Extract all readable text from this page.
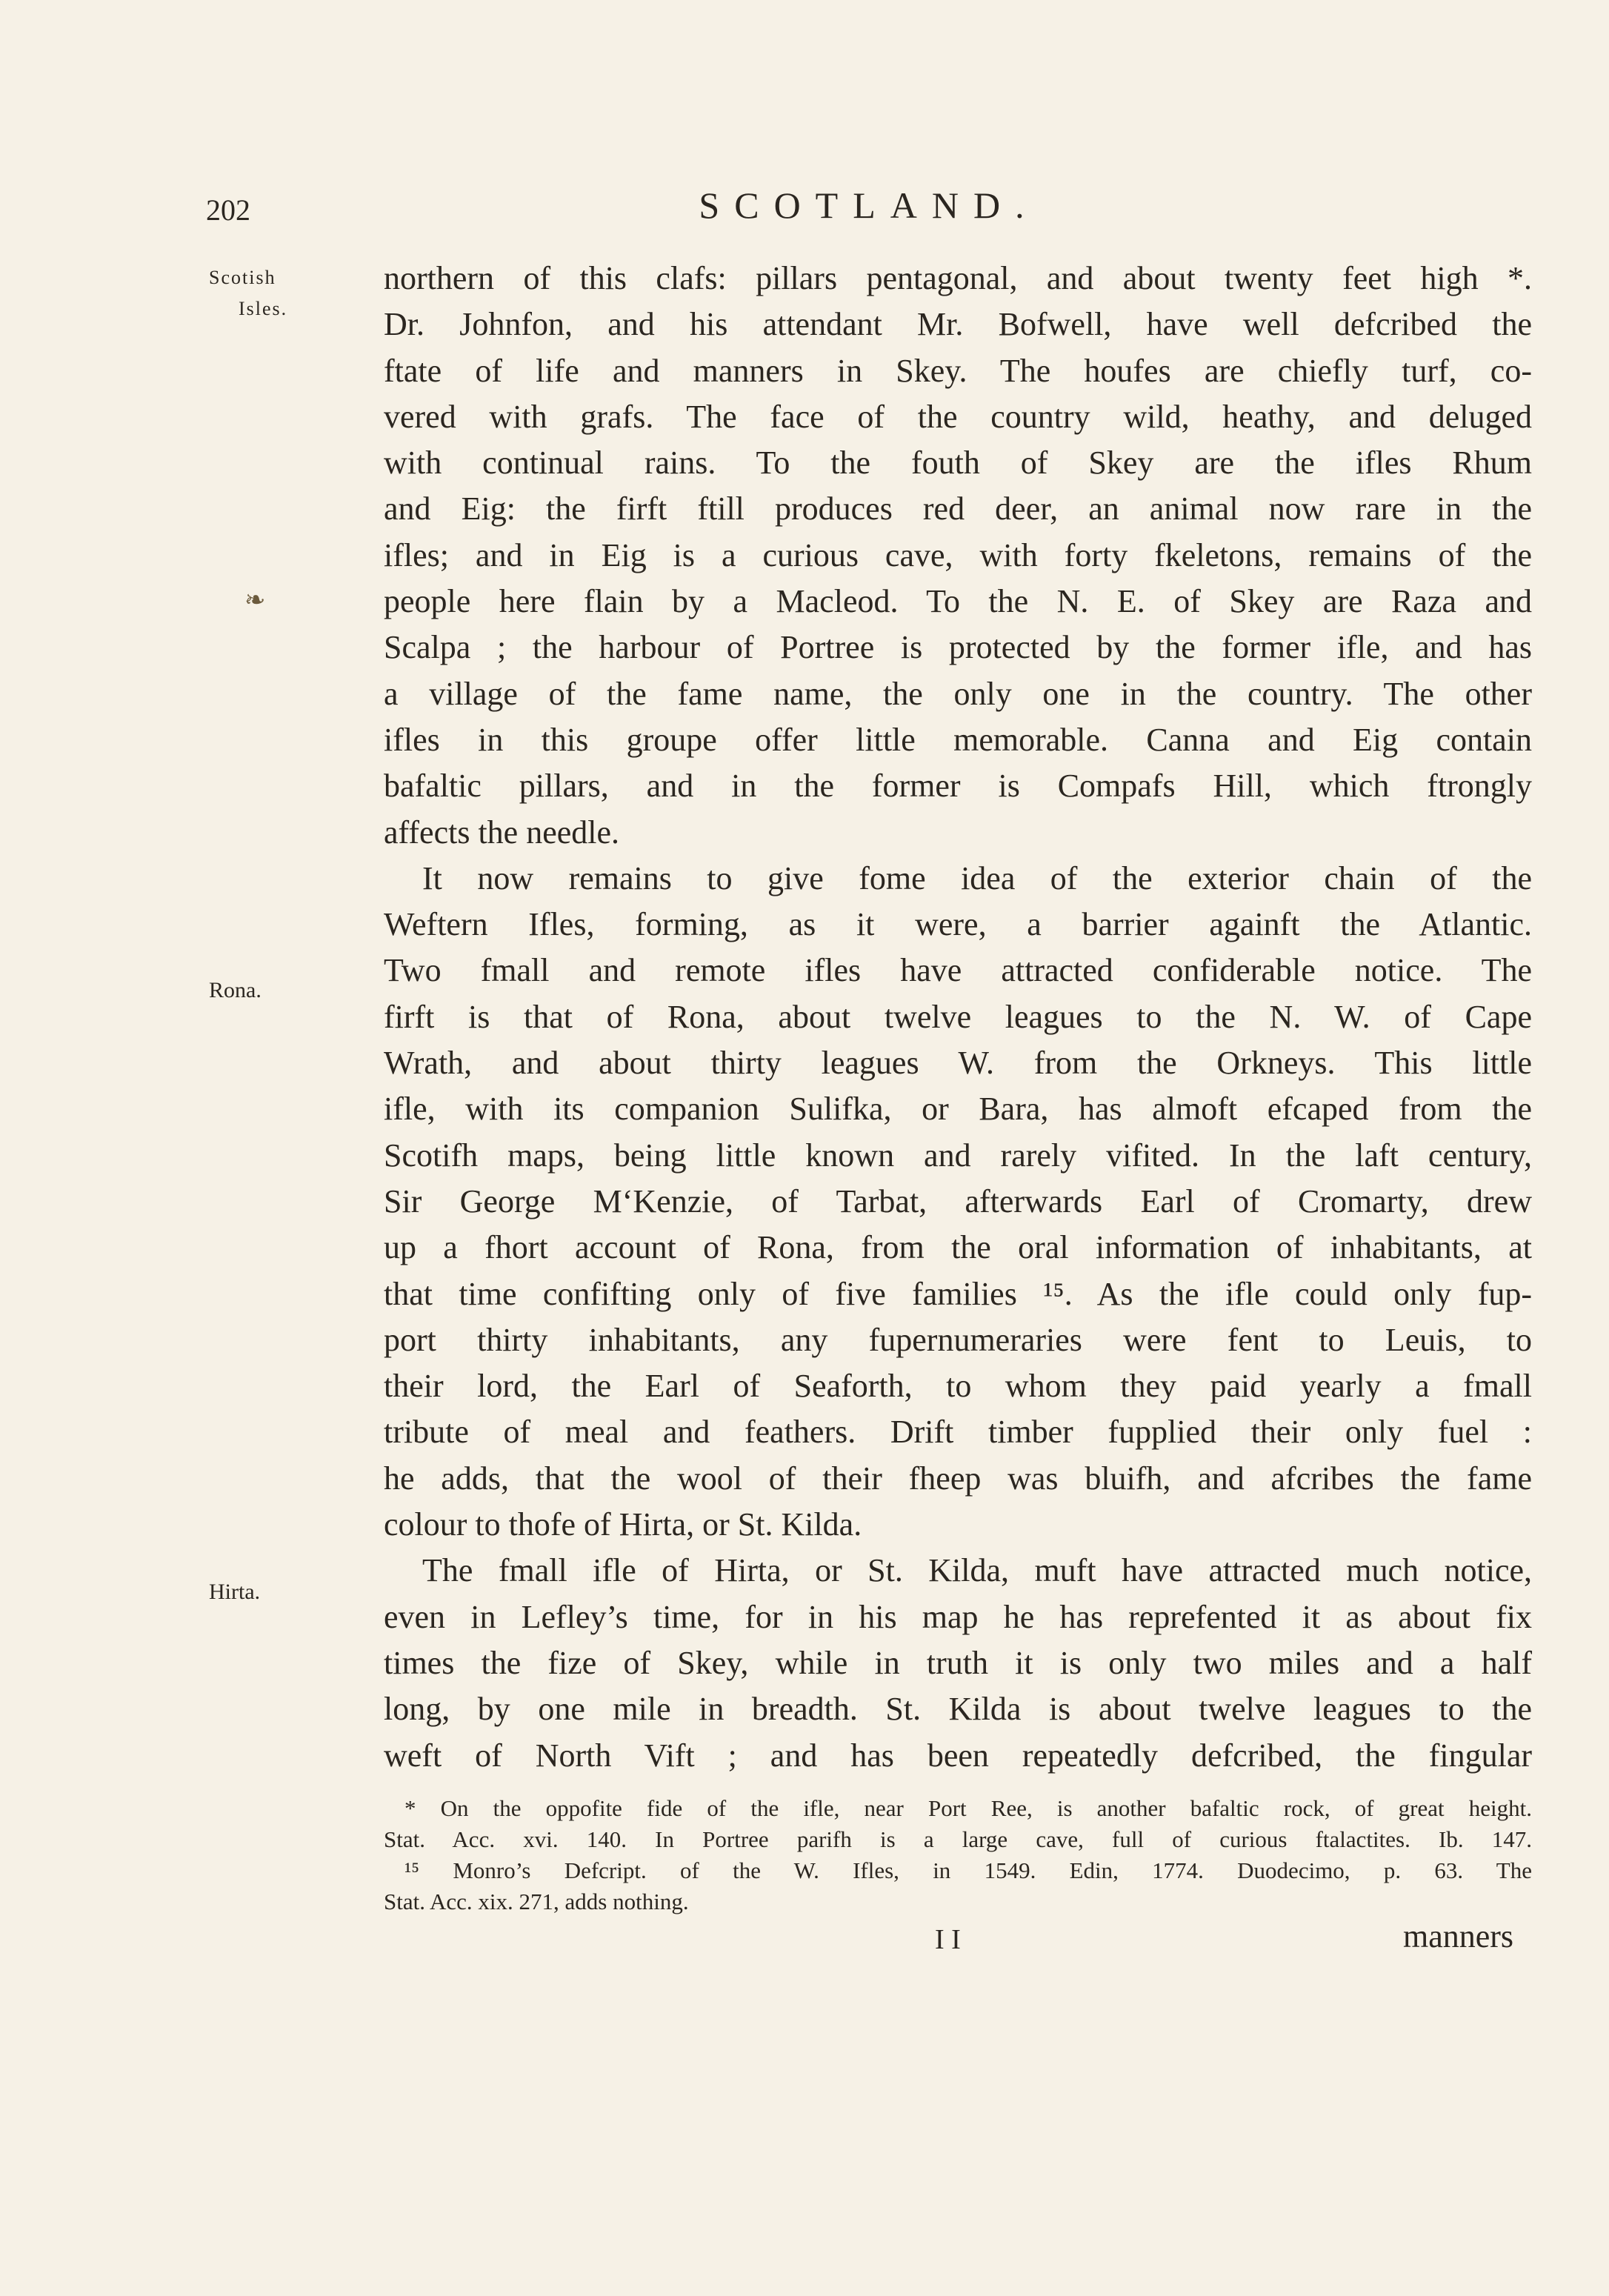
202	SCOTLAND.
Scotish
Isles.
❧
Rona.
Hirta.
northern of this clafs: pillars pentagonal, and about twenty feet high *.
Dr. Johnfon, and his attendant Mr. Bofwell, have well defcribed the
ftate of life and manners in Skey. The houfes are chiefly turf, co-
vered with grafs. The face of the country wild, heathy, and deluged
with continual rains. To the fouth of Skey are the ifles Rhum
and Eig: the firft ftill produces red deer, an animal now rare in the
ifles; and in Eig is a curious cave, with forty fkeletons, remains of the
people here flain by a Macleod. To the N. E. of Skey are Raza and
Scalpa ; the harbour of Portree is protected by the former ifle, and has
a village of the fame name, the only one in the country. The other
ifles in this groupe offer little memorable. Canna and Eig contain
bafaltic pillars, and in the former is Compafs Hill, which ftrongly
affects the needle.
It now remains to give fome idea of the exterior chain of the
Weftern Ifles, forming, as it were, a barrier againft the Atlantic.
Two fmall and remote ifles have attracted confiderable notice. The
firft is that of Rona, about twelve leagues to the N. W. of Cape
Wrath, and about thirty leagues W. from the Orkneys. This little
ifle, with its companion Sulifka, or Bara, has almoft efcaped from the
Scotifh maps, being little known and rarely vifited. In the laft century,
Sir George M‘Kenzie, of Tarbat, afterwards Earl of Cromarty, drew
up a fhort account of Rona, from the oral information of inhabitants, at
that time confifting only of five families ¹⁵. As the ifle could only fup-
port thirty inhabitants, any fupernumeraries were fent to Leuis, to
their lord, the Earl of Seaforth, to whom they paid yearly a fmall
tribute of meal and feathers. Drift timber fupplied their only fuel :
he adds, that the wool of their fheep was bluifh, and afcribes the fame
colour to thofe of Hirta, or St. Kilda.
The fmall ifle of Hirta, or St. Kilda, muft have attracted much notice,
even in Lefley’s time, for in his map he has reprefented it as about fix
times the fize of Skey, while in truth it is only two miles and a half
long, by one mile in breadth. St. Kilda is about twelve leagues to the
weft of North Vift ; and has been repeatedly defcribed, the fingular
* On the oppofite fide of the ifle, near Port Ree, is another bafaltic rock, of great height.
Stat. Acc. xvi. 140. In Portree parifh is a large cave, full of curious ftalactites. Ib. 147.
¹⁵ Monro’s Defcript. of the W. Ifles, in 1549. Edin, 1774. Duodecimo, p. 63. The
Stat. Acc. xix. 271, adds nothing.
I I	manners
